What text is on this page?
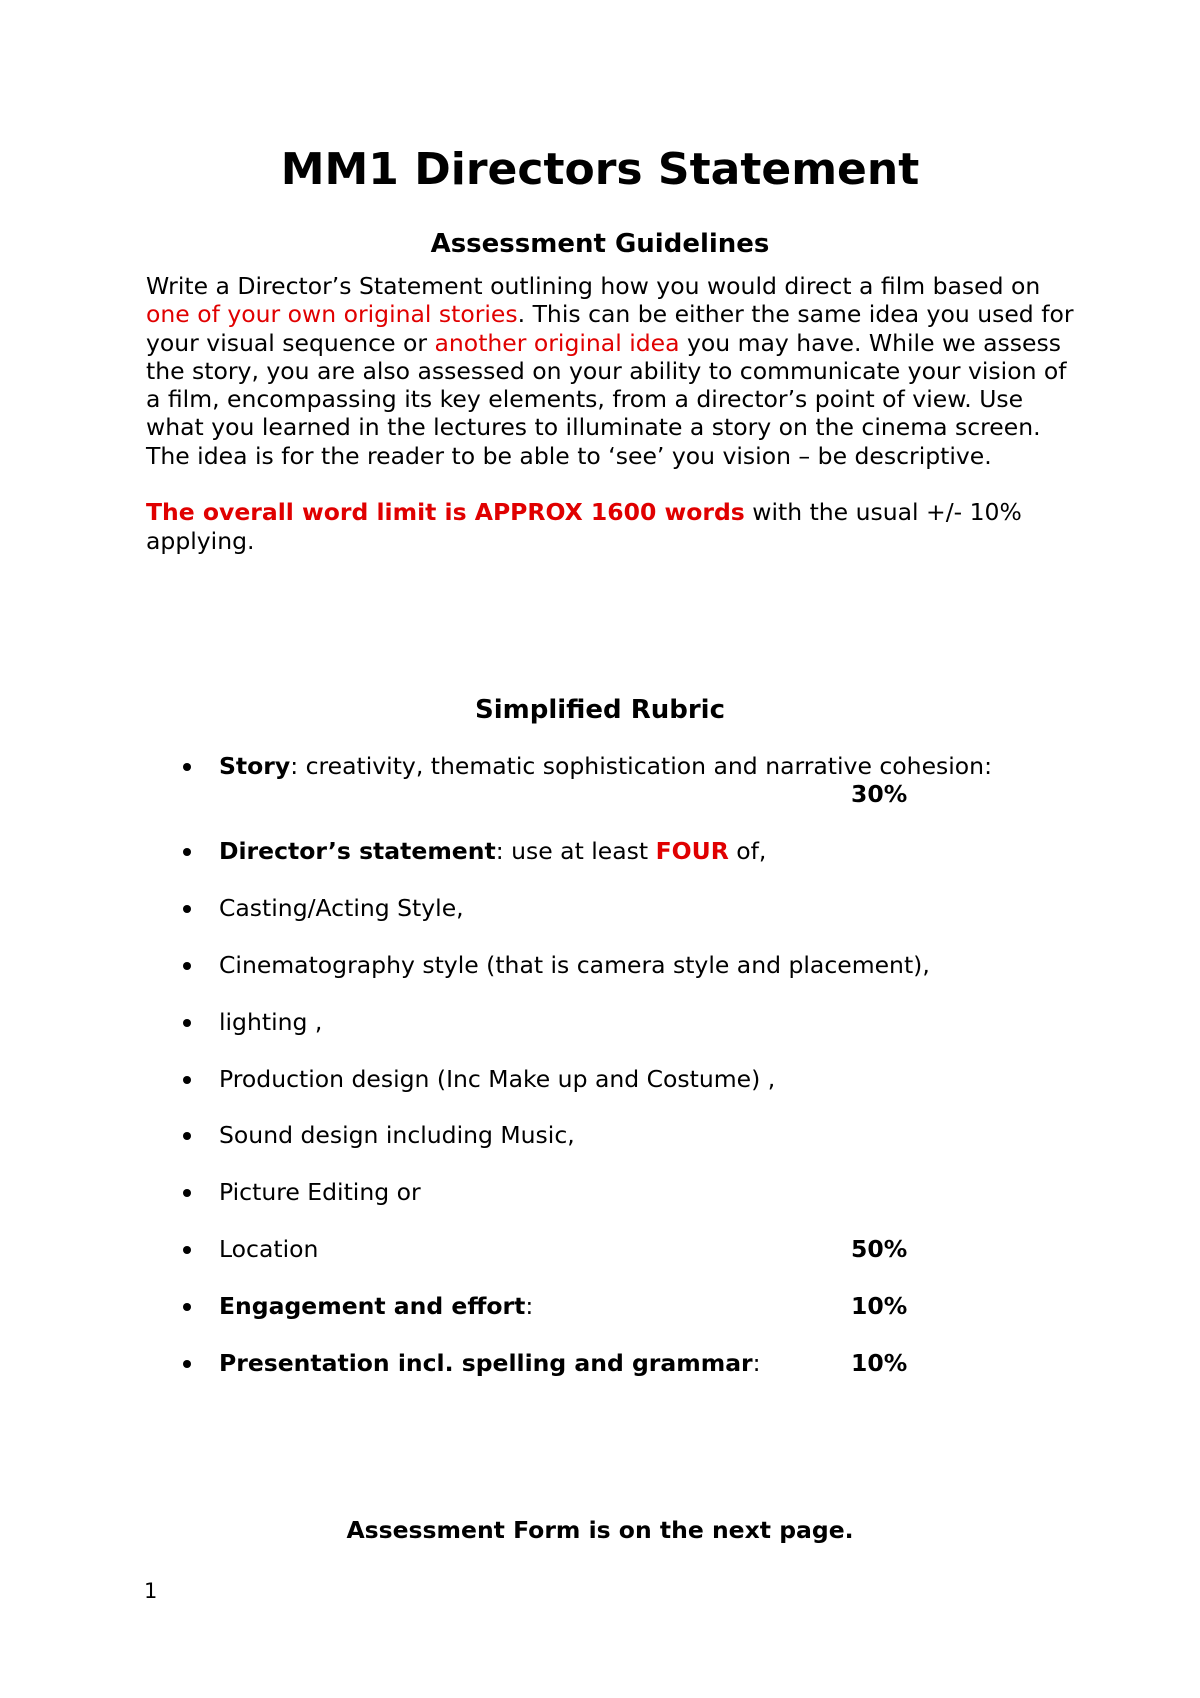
MM1 Directors Statement
Assessment Guidelines

Write a Director’s Statement outlining how you would direct a film based on one of your own original stories. This can be either the same idea you used for your visual sequence or another original idea you may have. While we assess the story, you are also assessed on your ability to communicate your vision of a film, encompassing its key elements, from a director’s point of view. Use what you learned in the lectures to illuminate a story on the cinema screen.

The idea is for the reader to be able to ‘see’ you vision – be descriptive.

The overall word limit is APPROX 1600 words with the usual +/- 10% applying.

Simplified Rubric
Story: creativity, thematic sophistication and narrative cohesion:
30%
Director’s statement: use at least FOUR of,
Casting/Acting Style,
Cinematography style (that is camera style and placement),
lighting ,
Production design (Inc Make up and Costume) ,
Sound design including Music,
Picture Editing or
Location	50%
Engagement and effort:	10%
Presentation incl. spelling and grammar:	10%
Assessment Form is on the next page.
1
